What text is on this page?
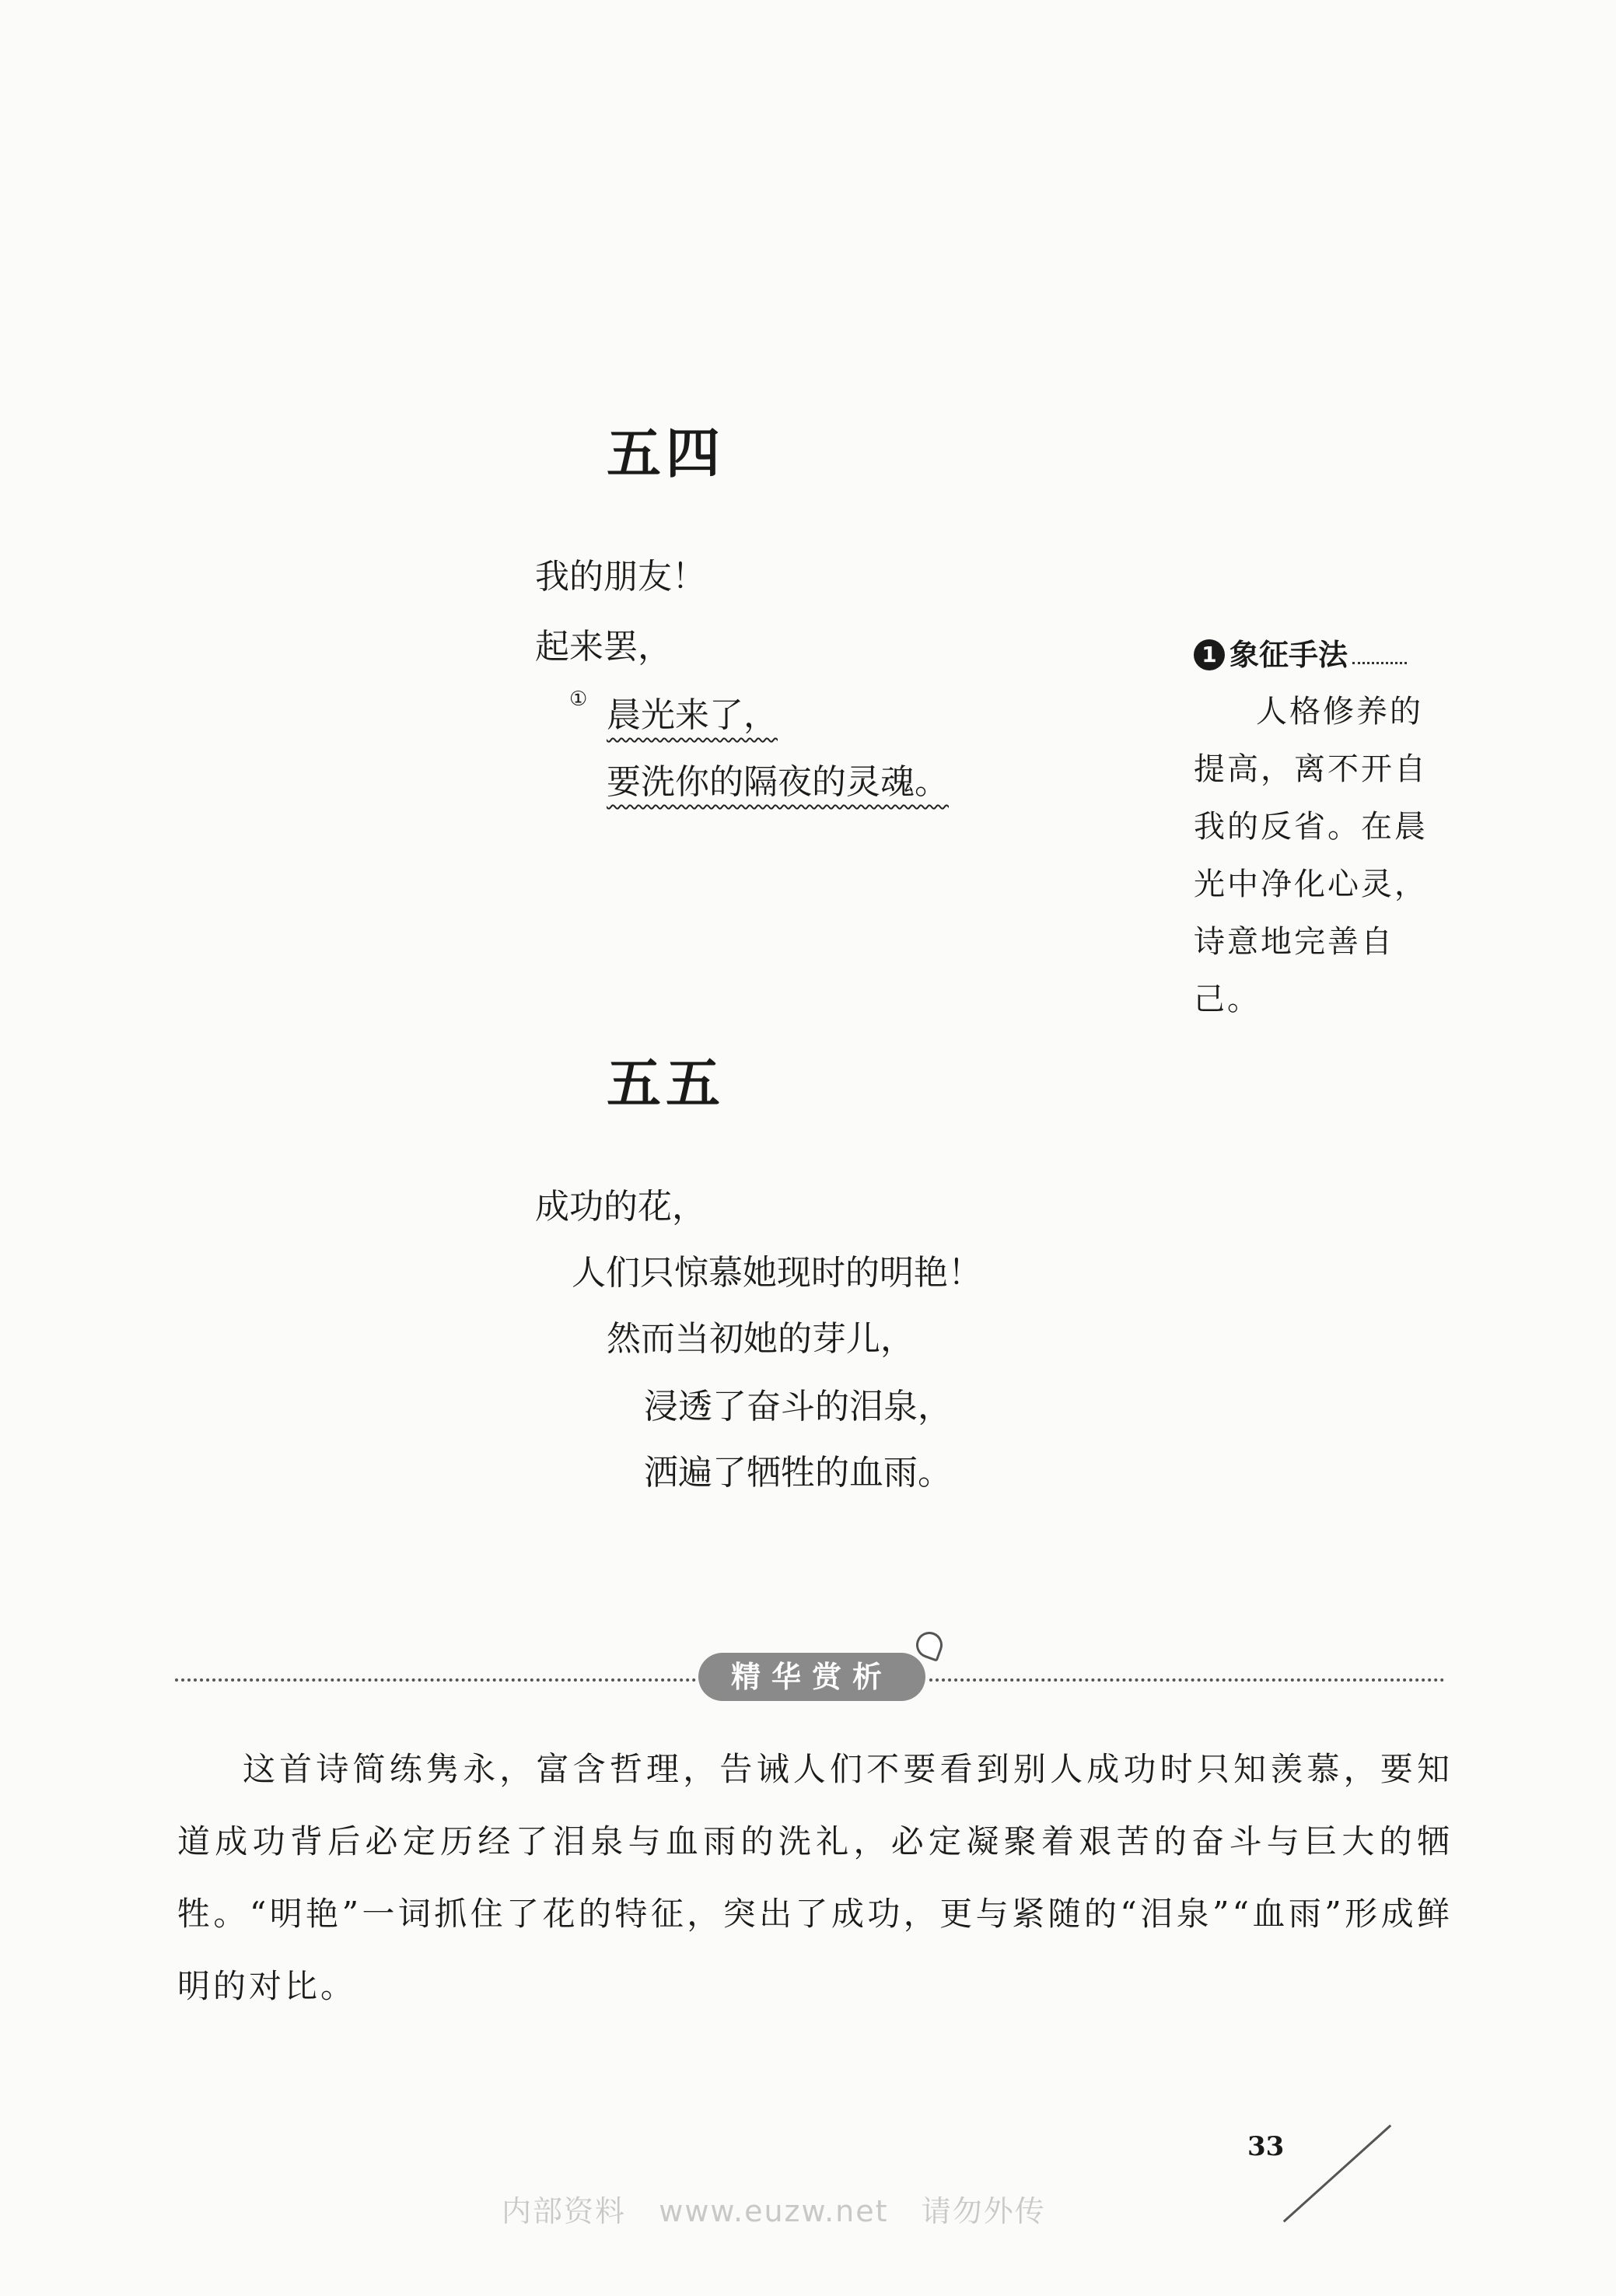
五四
我的朋友！
起来罢，
① 晨光来了，
要洗你的隔夜的灵魂。
1 象征手法
人格修养的
提高，离不开自
我的反省。在晨
光中净化心灵，
诗意地完善自己。
五五
成功的花，
人们只惊慕她现时的明艳！
然而当初她的芽儿，
浸透了奋斗的泪泉，
洒遍了牺牲的血雨。
精华赏析
这首诗简练隽永，富含哲理，告诫人们不要看到别人成功时只知羡慕，要知道成功背后必定历经了泪泉与血雨的洗礼，必定凝聚着艰苦的奋斗与巨大的牺牲。“明艳”一词抓住了花的特征，突出了成功，更与紧随的“泪泉”“血雨”形成鲜明的对比。
33
内部资料   www.euzw.net   请勿外传
